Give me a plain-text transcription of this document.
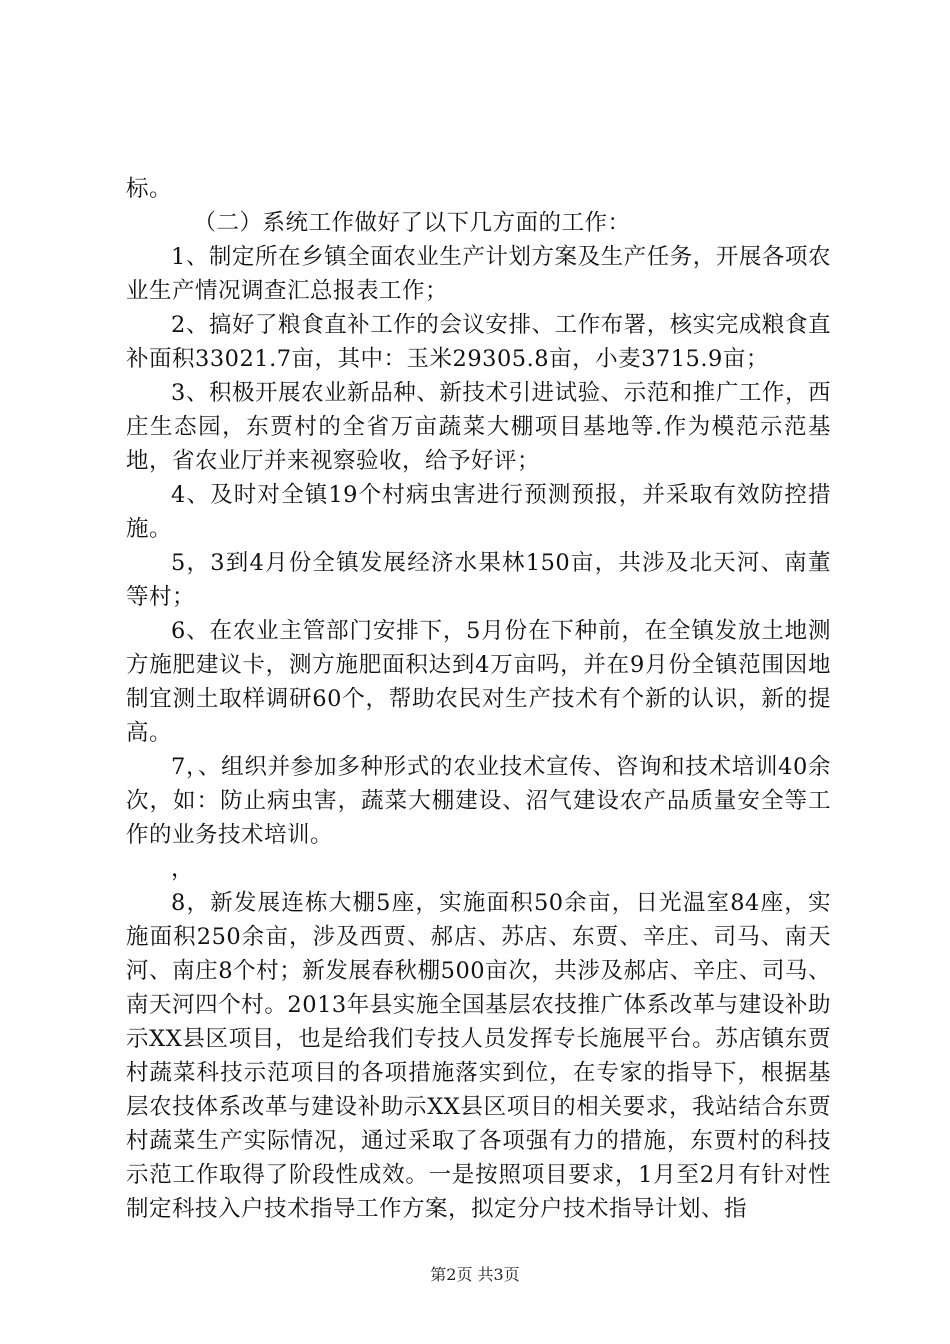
标。

（二）系统工作做好了以下几方面的工作：

1、制定所在乡镇全面农业生产计划方案及生产任务，开展各项农业生产情况调查汇总报表工作；

2、搞好了粮食直补工作的会议安排、工作布署，核实完成粮食直补面积33021.7亩，其中：玉米29305.8亩，小麦3715.9亩；

3、积极开展农业新品种、新技术引进试验、示范和推广工作，西庄生态园，东贾村的全省万亩蔬菜大棚项目基地等.作为模范示范基地，省农业厅并来视察验收，给予好评；

4、及时对全镇19个村病虫害进行预测预报，并采取有效防控措施。

5，3到4月份全镇发展经济水果林150亩，共涉及北天河、南董等村；

6、在农业主管部门安排下，5月份在下种前，在全镇发放土地测方施肥建议卡，测方施肥面积达到4万亩吗，并在9月份全镇范围因地制宜测土取样调研60个，帮助农民对生产技术有个新的认识，新的提高。

7，、组织并参加多种形式的农业技术宣传、咨询和技术培训40余次，如：防止病虫害，蔬菜大棚建设、沼气建设农产品质量安全等工作的业务技术培训。

，

8，新发展连栋大棚5座，实施面积50余亩，日光温室84座，实施面积250余亩，涉及西贾、郝店、苏店、东贾、辛庄、司马、南天河、南庄8个村；新发展春秋棚500亩次，共涉及郝店、辛庄、司马、南天河四个村。2013年县实施全国基层农技推广体系改革与建设补助示XX县区项目，也是给我们专技人员发挥专长施展平台。苏店镇东贾村蔬菜科技示范项目的各项措施落实到位，在专家的指导下，根据基层农技体系改革与建设补助示XX县区项目的相关要求，我站结合东贾村蔬菜生产实际情况，通过采取了各项强有力的措施，东贾村的科技示范工作取得了阶段性成效。一是按照项目要求，1月至2月有针对性制定科技入户技术指导工作方案，拟定分户技术指导计划、指

第2页 共3页
